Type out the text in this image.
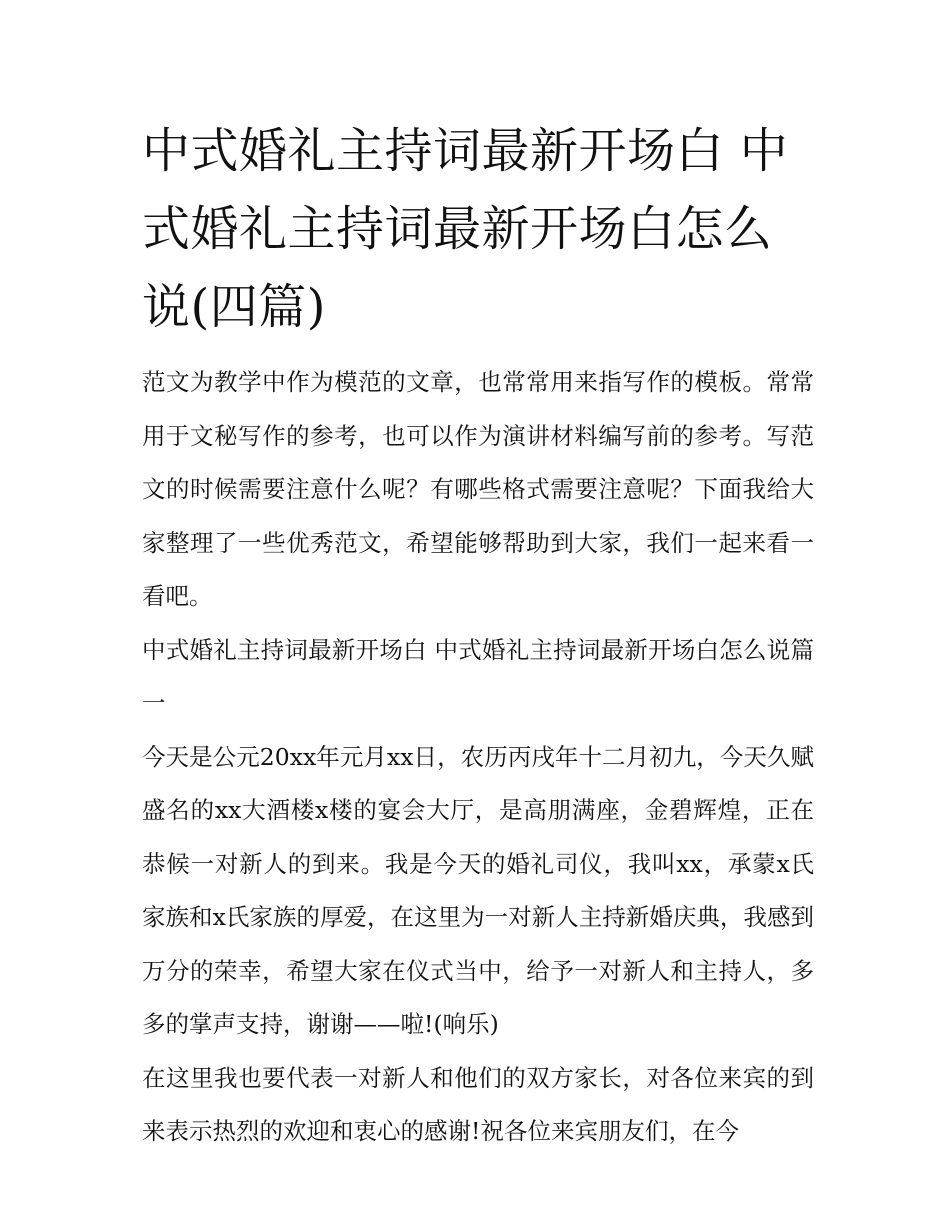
中式婚礼主持词最新开场白 中式婚礼主持词最新开场白怎么说(四篇)

范文为教学中作为模范的文章，也常常用来指写作的模板。常常用于文秘写作的参考，也可以作为演讲材料编写前的参考。写范文的时候需要注意什么呢？有哪些格式需要注意呢？下面我给大家整理了一些优秀范文，希望能够帮助到大家，我们一起来看一看吧。

中式婚礼主持词最新开场白 中式婚礼主持词最新开场白怎么说篇一

今天是公元20xx年元月xx日，农历丙戌年十二月初九，今天久赋盛名的xx大酒楼x楼的宴会大厅，是高朋满座，金碧辉煌，正在恭候一对新人的到来。我是今天的婚礼司仪，我叫xx，承蒙x氏家族和x氏家族的厚爱，在这里为一对新人主持新婚庆典，我感到万分的荣幸，希望大家在仪式当中，给予一对新人和主持人，多多的掌声支持，谢谢——啦!(响乐)

在这里我也要代表一对新人和他们的双方家长，对各位来宾的到来表示热烈的欢迎和衷心的感谢!祝各位来宾朋友们，在今
